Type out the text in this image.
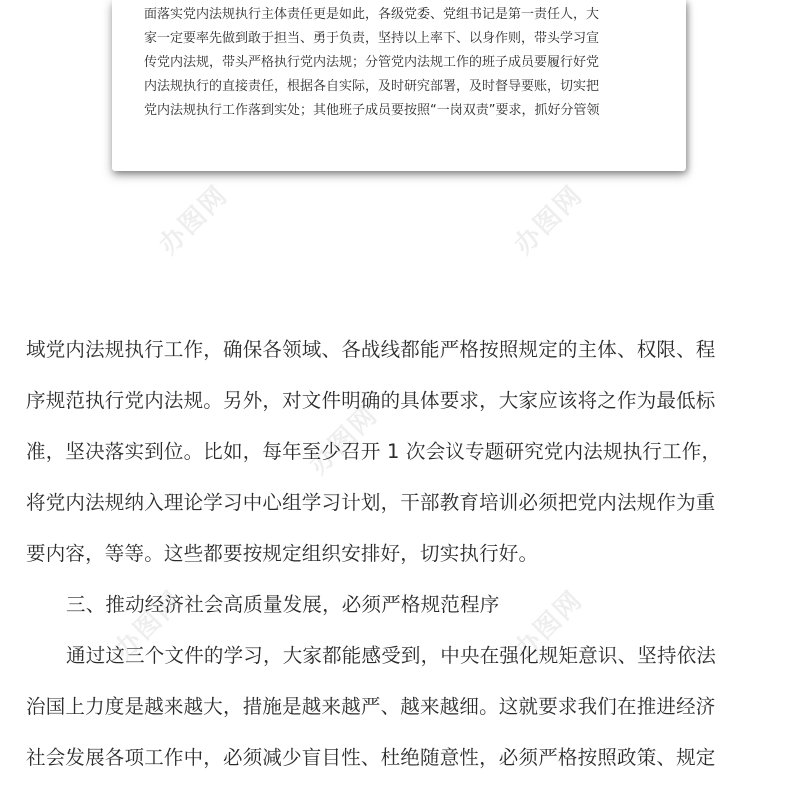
办图网	办图网
办图网
办图网	办图网
面落实党内法规执行主体责任更是如此，各级党委、党组书记是第一责任人，大
家一定要率先做到敢于担当、勇于负责，坚持以上率下、以身作则，带头学习宣
传党内法规，带头严格执行党内法规；分管党内法规工作的班子成员要履行好党
内法规执行的直接责任，根据各自实际，及时研究部署，及时督导要账，切实把
党内法规执行工作落到实处；其他班子成员要按照“一岗双责”要求，抓好分管领
域党内法规执行工作，确保各领域、各战线都能严格按照规定的主体、权限、程
序规范执行党内法规。另外，对文件明确的具体要求，大家应该将之作为最低标
准，坚决落实到位。比如，每年至少召开 1 次会议专题研究党内法规执行工作，
将党内法规纳入理论学习中心组学习计划，干部教育培训必须把党内法规作为重
要内容，等等。这些都要按规定组织安排好，切实执行好。
三、推动经济社会高质量发展，必须严格规范程序
通过这三个文件的学习，大家都能感受到，中央在强化规矩意识、坚持依法
治国上力度是越来越大，措施是越来越严、越来越细。这就要求我们在推进经济
社会发展各项工作中，必须减少盲目性、杜绝随意性，必须严格按照政策、规定
